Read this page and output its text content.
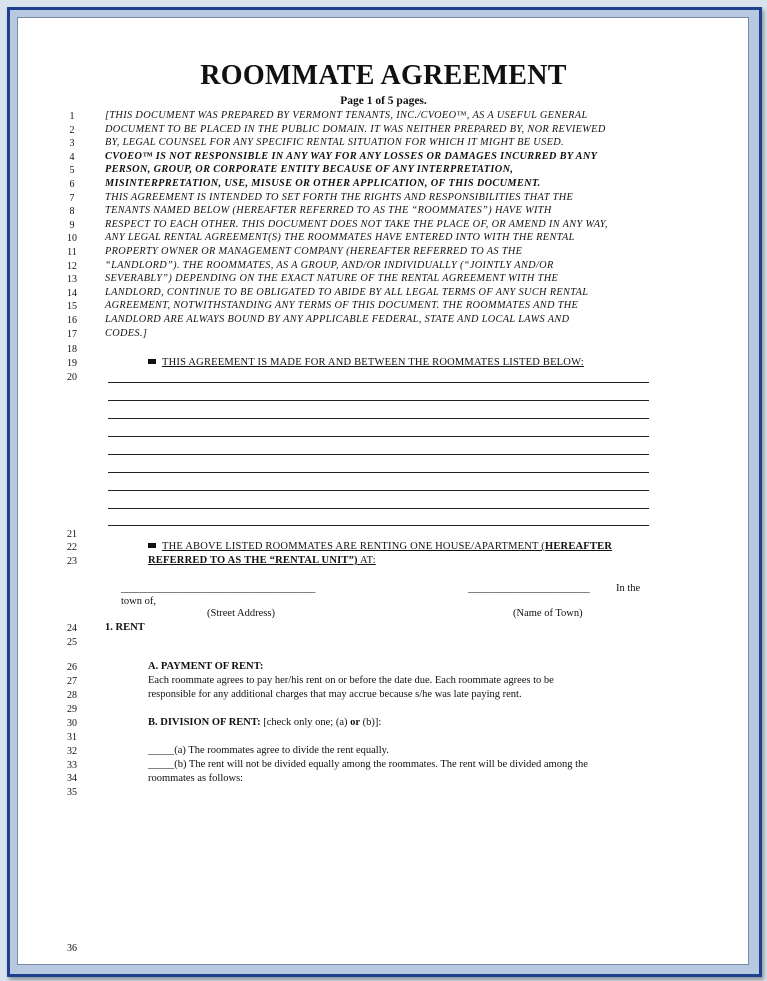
ROOMMATE AGREEMENT
Page 1 of 5 pages.
1	[THIS DOCUMENT WAS PREPARED BY VERMONT TENANTS, INC./CVOEO™, AS A USEFUL GENERAL
2	DOCUMENT TO BE PLACED IN THE PUBLIC DOMAIN. IT WAS NEITHER PREPARED BY, NOR REVIEWED
3	BY, LEGAL COUNSEL FOR ANY SPECIFIC RENTAL SITUATION FOR WHICH IT MIGHT BE USED.
4	CVOEO™ IS NOT RESPONSIBLE IN ANY WAY FOR ANY LOSSES OR DAMAGES INCURRED BY ANY
5	PERSON, GROUP, OR CORPORATE ENTITY BECAUSE OF ANY INTERPRETATION,
6	MISINTERPRETATION, USE, MISUSE OR OTHER APPLICATION, OF THIS DOCUMENT.
7	THIS AGREEMENT IS INTENDED TO SET FORTH THE RIGHTS AND RESPONSIBILITIES THAT THE
8	TENANTS NAMED BELOW (HEREAFTER REFERRED TO AS THE “ROOMMATES”) HAVE WITH
9	RESPECT TO EACH OTHER. THIS DOCUMENT DOES NOT TAKE THE PLACE OF, OR AMEND IN ANY WAY,
10	ANY LEGAL RENTAL AGREEMENT(S) THE ROOMMATES HAVE ENTERED INTO WITH THE RENTAL
11	PROPERTY OWNER OR MANAGEMENT COMPANY (HEREAFTER REFERRED TO AS THE
12	“LANDLORD”). THE ROOMMATES, AS A GROUP, AND/OR INDIVIDUALLY (“JOINTLY AND/OR
13	SEVERABLY”) DEPENDING ON THE EXACT NATURE OF THE RENTAL AGREEMENT WITH THE
14	LANDLORD, CONTINUE TO BE OBLIGATED TO ABIDE BY ALL LEGAL TERMS OF ANY SUCH RENTAL
15	AGREEMENT, NOTWITHSTANDING ANY TERMS OF THIS DOCUMENT. THE ROOMMATES AND THE
16	LANDLORD ARE ALWAYS BOUND BY ANY APPLICABLE FEDERAL, STATE AND LOCAL LAWS AND
17	CODES.]
18
19
20
21
22
23
24
25
26
27
28
29
30
31
32
33
34
35
36
THIS AGREEMENT IS MADE FOR AND BETWEEN THE ROOMMATES LISTED BELOW:
THE ABOVE LISTED ROOMMATES ARE RENTING ONE HOUSE/APARTMENT (HEREAFTER
REFERRED TO AS THE “RENTAL UNIT”) AT:
________________________________________	_________________________	In the
town of,
(Street Address)	(Name of Town)
1. RENT
A. PAYMENT OF RENT:
Each roommate agrees to pay her/his rent on or before the date due. Each roommate agrees to be
responsible for any additional charges that may accrue because s/he was late paying rent.
B. DIVISION OF RENT: [check only one; (a) or (b)]:
_____(a) The roommates agree to divide the rent equally.
_____(b) The rent will not be divided equally among the roommates. The rent will be divided among the
roommates as follows:
